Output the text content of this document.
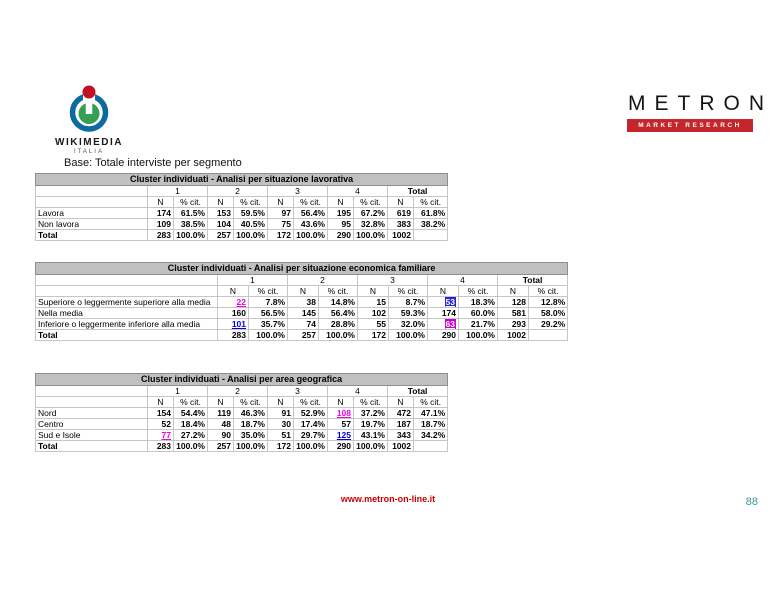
WIKIMEDIA
ITALIA
METRON
MARKET RESEARCH
Base: Totale interviste per segmento
Cluster individuati - Analisi per situazione lavorativa										
	1		2		3		4		Total	
	N	% cit.	N	% cit.	N	% cit.	N	% cit.	N	% cit.
Lavora	174	61.5%	153	59.5%	97	56.4%	195	67.2%	619	61.8%
Non lavora	109	38.5%	104	40.5%	75	43.6%	95	32.8%	383	38.2%
Total	283	100.0%	257	100.0%	172	100.0%	290	100.0%	1002	
Cluster individuati - Analisi per situazione economica familiare										
	1		2		3		4		Total	
	N	% cit.	N	% cit.	N	% cit.	N	% cit.	N	% cit.
Superiore o leggermente superiore alla media	22	7.8%	38	14.8%	15	8.7%	53	18.3%	128	12.8%
Nella media	160	56.5%	145	56.4%	102	59.3%	174	60.0%	581	58.0%
Inferiore o leggermente inferiore alla media	101	35.7%	74	28.8%	55	32.0%	63	21.7%	293	29.2%
Total	283	100.0%	257	100.0%	172	100.0%	290	100.0%	1002	
Cluster individuati - Analisi per area geografica										
	1		2		3		4		Total	
	N	% cit.	N	% cit.	N	% cit.	N	% cit.	N	% cit.
Nord	154	54.4%	119	46.3%	91	52.9%	108	37.2%	472	47.1%
Centro	52	18.4%	48	18.7%	30	17.4%	57	19.7%	187	18.7%
Sud e Isole	77	27.2%	90	35.0%	51	29.7%	125	43.1%	343	34.2%
Total	283	100.0%	257	100.0%	172	100.0%	290	100.0%	1002	
www.metron-on-line.it	88
